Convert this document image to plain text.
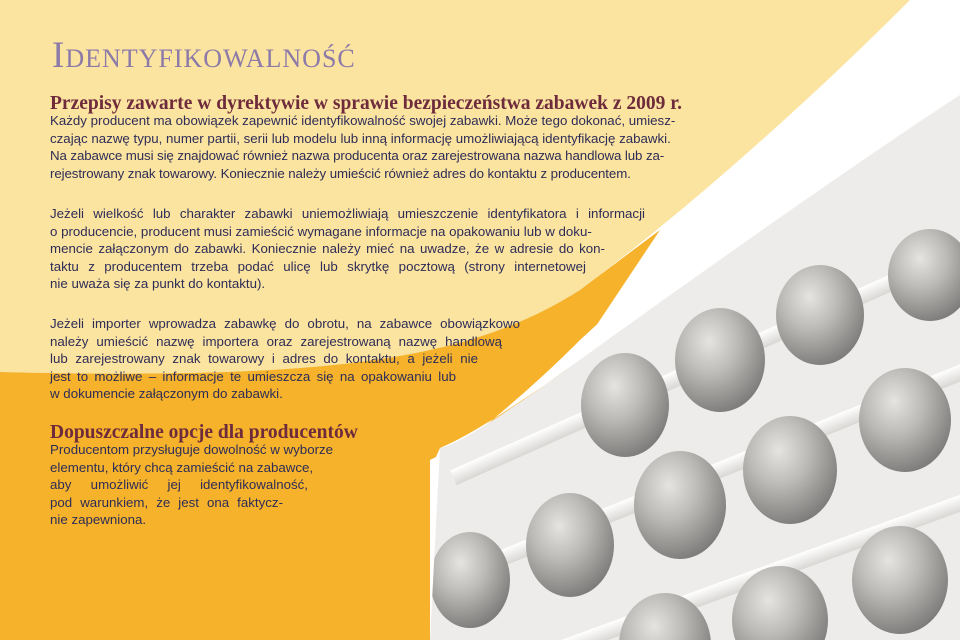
Identyfikowalność
Przepisy zawarte w dyrektywie w sprawie bezpieczeństwa zabawek z 2009 r.

Każdy producent ma obowiązek zapewnić identyfikowalność swojej zabawki. Może tego dokonać, umiesz-
czając nazwę typu, numer partii, serii lub modelu lub inną informację umożliwiającą identyfikację zabawki.
Na zabawce musi się znajdować również nazwa producenta oraz zarejestrowana nazwa handlowa lub za-
rejestrowany znak towarowy. Koniecznie należy umieścić również adres do kontaktu z producentem.

Jeżeli wielkość lub charakter zabawki uniemożliwiają umieszczenie identyfikatora i informacji
o producencie, producent musi zamieścić wymagane informacje na opakowaniu lub w doku-
mencie załączonym do zabawki. Koniecznie należy mieć na uwadze, że w adresie do kon-
taktu z producentem trzeba podać ulicę lub skrytkę pocztową (strony internetowej
nie uważa się za punkt do kontaktu).

Jeżeli importer wprowadza zabawkę do obrotu, na zabawce obowiązkowo
należy umieścić nazwę importera oraz zarejestrowaną nazwę handlową
lub zarejestrowany znak towarowy i adres do kontaktu, a jeżeli nie
jest to możliwe – informacje te umieszcza się na opakowaniu lub
w dokumencie załączonym do zabawki.

Dopuszczalne opcje dla producentów

Producentom przysługuje dowolność w wyborze
elementu, który chcą zamieścić na zabawce,
aby umożliwić jej identyfikowalność,
pod warunkiem, że jest ona faktycz-
nie zapewniona.
